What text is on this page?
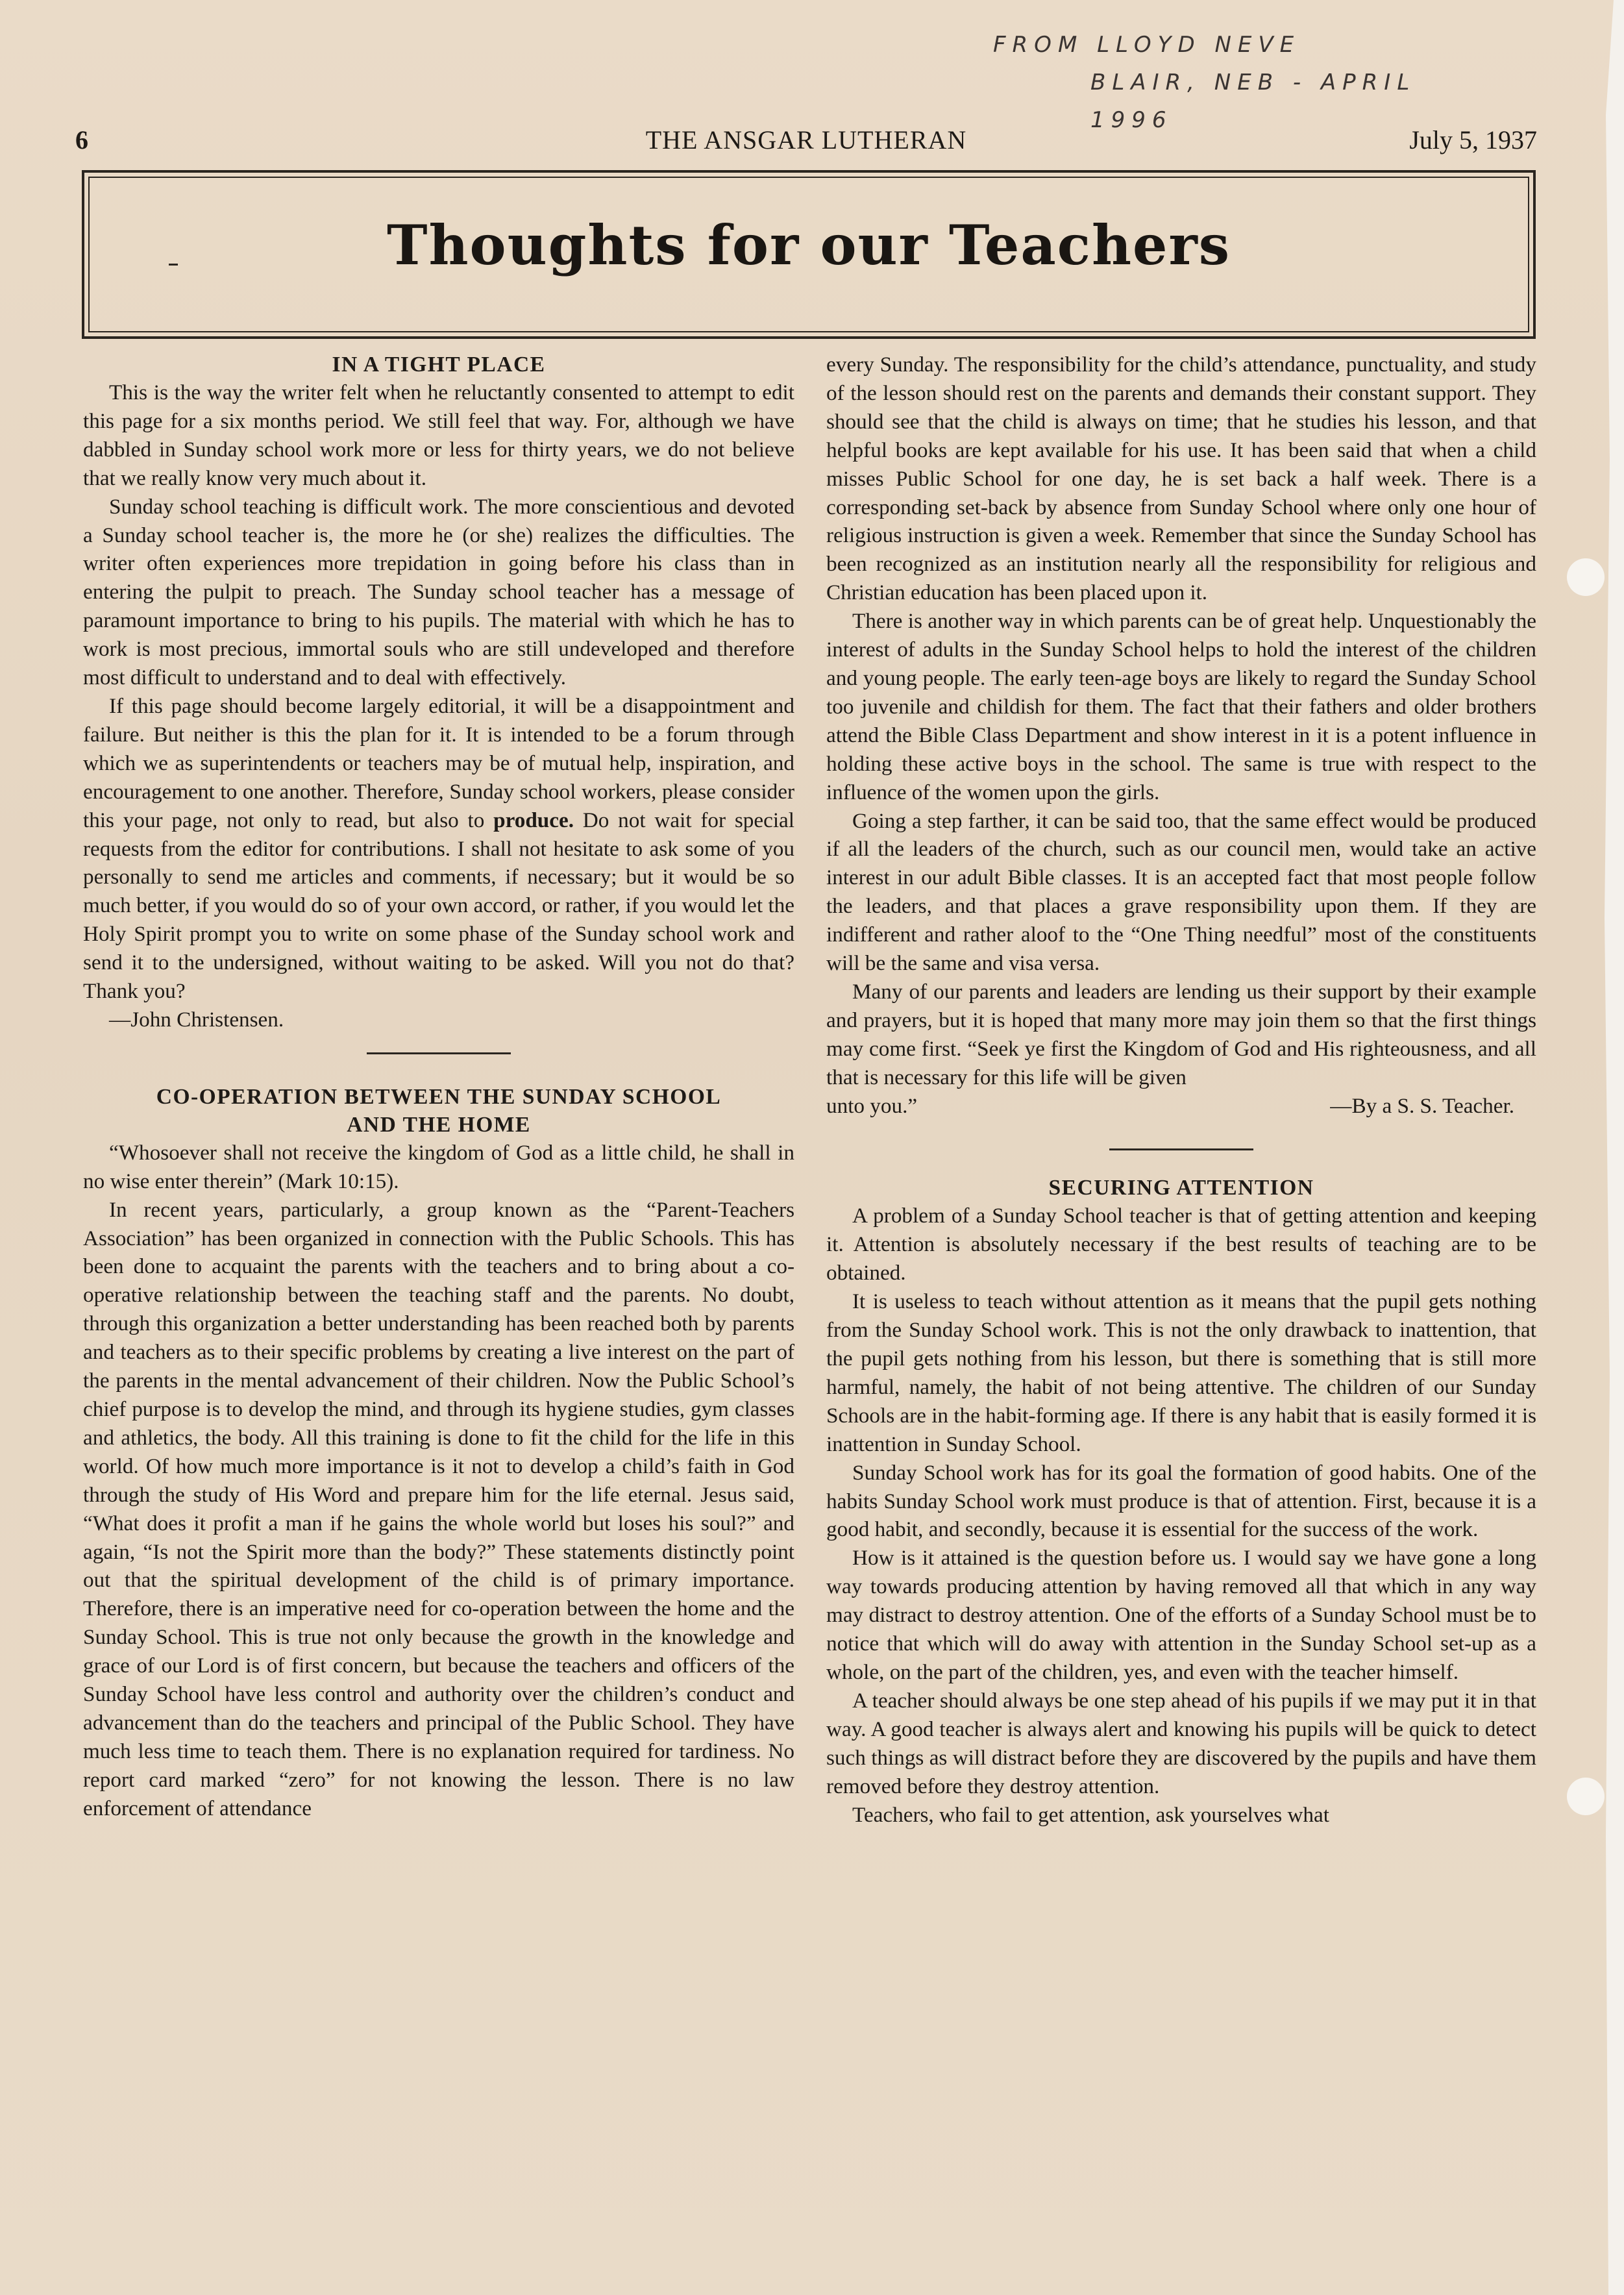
FROM LLOYD NEVE
BLAIR, NEB - APRIL 1996
6	THE ANSGAR LUTHERAN	July 5, 1937
Thoughts for our Teachers
IN A TIGHT PLACE

This is the way the writer felt when he reluctantly consented to attempt to edit this page for a six months period. We still feel that way. For, although we have dabbled in Sunday school work more or less for thirty years, we do not believe that we really know very much about it.

Sunday school teaching is difficult work. The more conscientious and devoted a Sunday school teacher is, the more he (or she) realizes the difficulties. The writer often experiences more trepidation in going before his class than in entering the pulpit to preach. The Sunday school teacher has a message of paramount importance to bring to his pupils. The material with which he has to work is most precious, immortal souls who are still undeveloped and therefore most difficult to understand and to deal with effectively.

If this page should become largely editorial, it will be a disappointment and failure. But neither is this the plan for it. It is intended to be a forum through which we as superintendents or teachers may be of mutual help, inspiration, and encouragement to one another. Therefore, Sunday school workers, please consider this your page, not only to read, but also to produce. Do not wait for special requests from the editor for contributions. I shall not hesitate to ask some of you personally to send me articles and comments, if necessary; but it would be so much better, if you would do so of your own accord, or rather, if you would let the Holy Spirit prompt you to write on some phase of the Sunday school work and send it to the undersigned, without waiting to be asked. Will you not do that? Thank you?

—John Christensen.

CO-OPERATION BETWEEN THE SUNDAY SCHOOL
AND THE HOME

“Whosoever shall not receive the kingdom of God as a little child, he shall in no wise enter therein” (Mark 10:15).

In recent years, particularly, a group known as the “Parent-Teachers Association” has been organized in connection with the Public Schools. This has been done to acquaint the parents with the teachers and to bring about a co-operative relationship between the teaching staff and the parents. No doubt, through this organization a better understanding has been reached both by parents and teachers as to their specific problems by creating a live interest on the part of the parents in the mental advancement of their children. Now the Public School’s chief purpose is to develop the mind, and through its hygiene studies, gym classes and athletics, the body. All this training is done to fit the child for the life in this world. Of how much more importance is it not to develop a child’s faith in God through the study of His Word and prepare him for the life eternal. Jesus said, “What does it profit a man if he gains the whole world but loses his soul?” and again, “Is not the Spirit more than the body?” These statements distinctly point out that the spiritual development of the child is of primary importance. Therefore, there is an imperative need for co-operation between the home and the Sunday School. This is true not only because the growth in the knowledge and grace of our Lord is of first concern, but because the teachers and officers of the Sunday School have less control and authority over the children’s conduct and advancement than do the teachers and principal of the Public School. They have much less time to teach them. There is no explanation required for tardiness. No report card marked “zero” for not knowing the lesson. There is no law enforcement of attendance

every Sunday. The responsibility for the child’s attendance, punctuality, and study of the lesson should rest on the parents and demands their constant support. They should see that the child is always on time; that he studies his lesson, and that helpful books are kept available for his use. It has been said that when a child misses Public School for one day, he is set back a half week. There is a corresponding set-back by absence from Sunday School where only one hour of religious instruction is given a week. Remember that since the Sunday School has been recognized as an institution nearly all the responsibility for religious and Christian education has been placed upon it.

There is another way in which parents can be of great help. Unquestionably the interest of adults in the Sunday School helps to hold the interest of the children and young people. The early teen-age boys are likely to regard the Sunday School too juvenile and childish for them. The fact that their fathers and older brothers attend the Bible Class Department and show interest in it is a potent influence in holding these active boys in the school. The same is true with respect to the influence of the women upon the girls.

Going a step farther, it can be said too, that the same effect would be produced if all the leaders of the church, such as our council men, would take an active interest in our adult Bible classes. It is an accepted fact that most people follow the leaders, and that places a grave responsibility upon them. If they are indifferent and rather aloof to the “One Thing needful” most of the constituents will be the same and visa versa.

Many of our parents and leaders are lending us their support by their example and prayers, but it is hoped that many more may join them so that the first things may come first. “Seek ye first the Kingdom of God and His righteousness, and all that is necessary for this life will be given

unto you.”	—By a S. S. Teacher.
SECURING ATTENTION

A problem of a Sunday School teacher is that of getting attention and keeping it. Attention is absolutely necessary if the best results of teaching are to be obtained.

It is useless to teach without attention as it means that the pupil gets nothing from the Sunday School work. This is not the only drawback to inattention, that the pupil gets nothing from his lesson, but there is something that is still more harmful, namely, the habit of not being attentive. The children of our Sunday Schools are in the habit-forming age. If there is any habit that is easily formed it is inattention in Sunday School.

Sunday School work has for its goal the formation of good habits. One of the habits Sunday School work must produce is that of attention. First, because it is a good habit, and secondly, because it is essential for the success of the work.

How is it attained is the question before us. I would say we have gone a long way towards producing attention by having removed all that which in any way may distract to destroy attention. One of the efforts of a Sunday School must be to notice that which will do away with attention in the Sunday School set-up as a whole, on the part of the children, yes, and even with the teacher himself.

A teacher should always be one step ahead of his pupils if we may put it in that way. A good teacher is always alert and knowing his pupils will be quick to detect such things as will distract before they are discovered by the pupils and have them removed before they destroy attention.

Teachers, who fail to get attention, ask yourselves what
